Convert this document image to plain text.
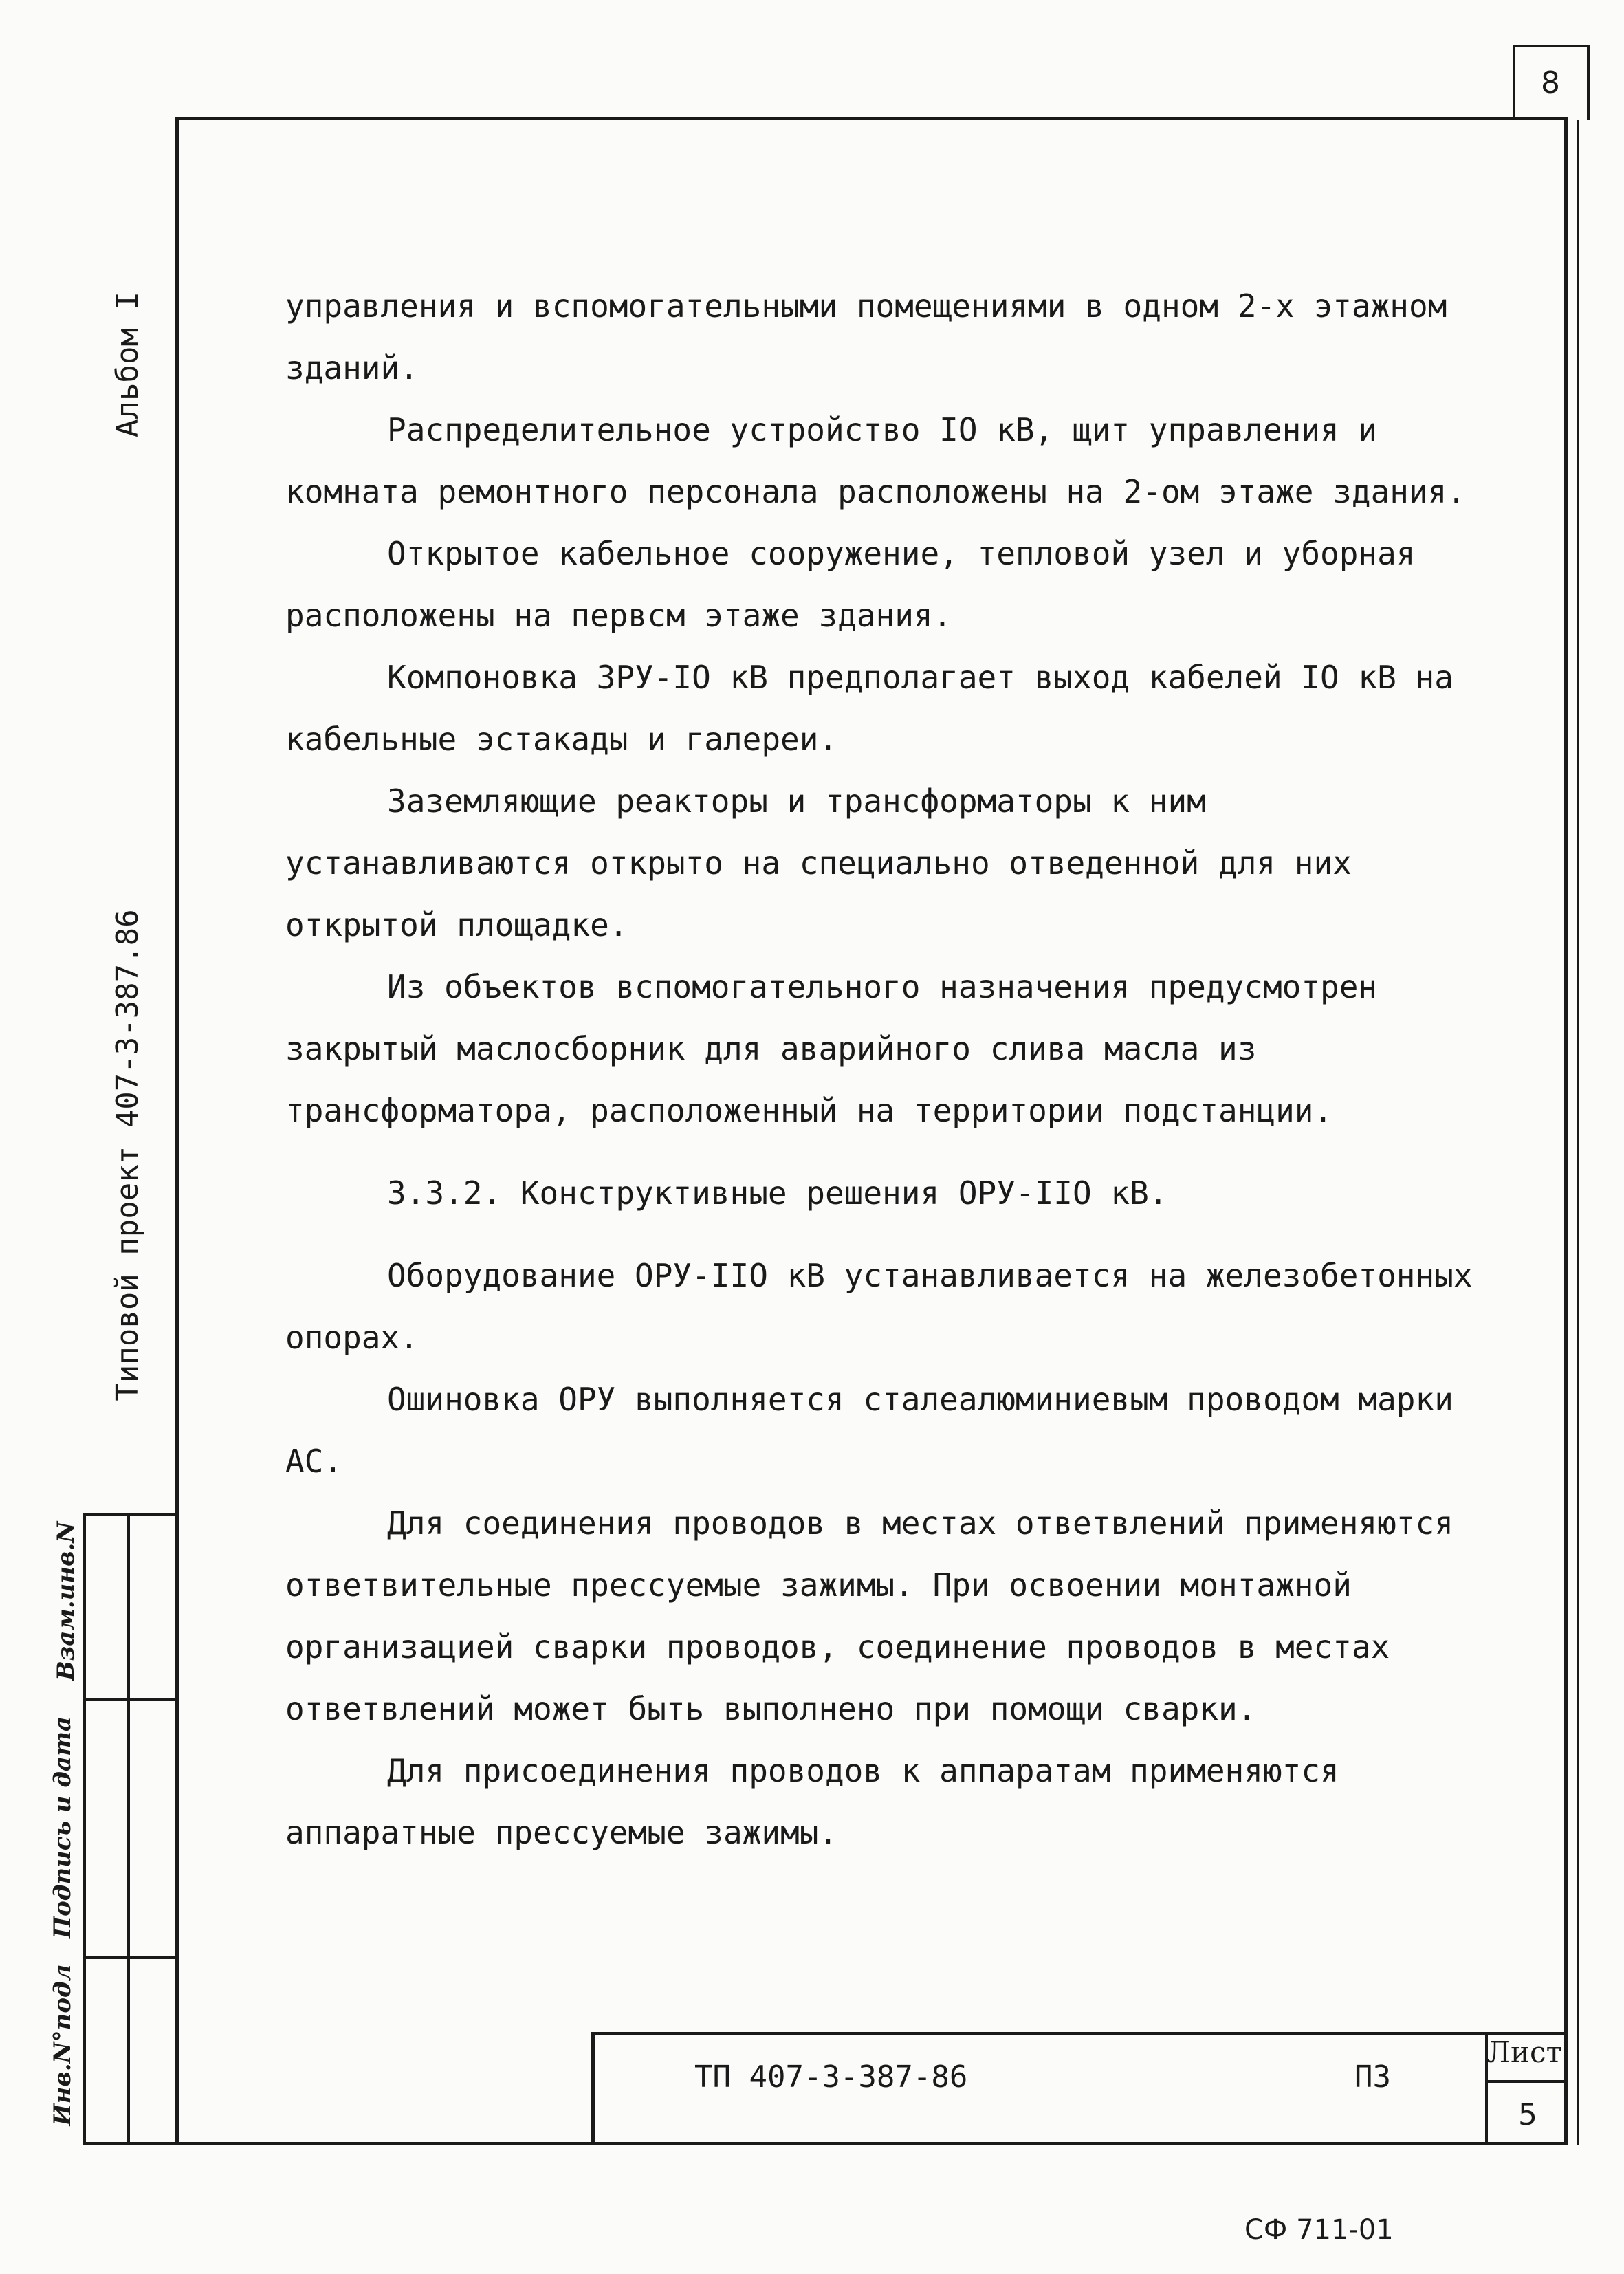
8
Альбом I
Типовой проект 407-3-387.86
Инв.N°подл
Подпись и дата
Взам.инв.N

управления и вспомогательными помещениями в одном 2-х этажном зданий.

Распределительное устройство IO кВ, щит управления и комната ремонтного персонала расположены на 2-ом этаже здания.

Открытое кабельное сооружение, тепловой узел и уборная расположены на первсм этаже здания.

Компоновка ЗРУ-IO кВ предполагает выход кабелей IO кВ на кабельные эстакады и галереи.

Заземляющие реакторы и трансформаторы к ним устанавливаются открыто на специально отведенной для них открытой площадке.

Из объектов вспомогательного назначения предусмотрен закрытый маслосборник для аварийного слива масла из трансформатора, расположенный на территории подстанции.

3.3.2. Конструктивные решения ОРУ-IIO кВ.

Оборудование ОРУ-IIO кВ устанавливается на железобетонных опорах.

Ошиновка ОРУ выполняется сталеалюминиевым проводом марки АС.

Для соединения проводов в местах ответвлений применяются ответвительные прессуемые зажимы. При освоении монтажной организацией сварки проводов, соединение проводов в местах ответвлений может быть выполнено при помощи сварки.

Для присоединения проводов к аппаратам применяются аппаратные прессуемые зажимы.

ТП 407-3-387-86	ПЗ
Лист
5
СФ 711-01
